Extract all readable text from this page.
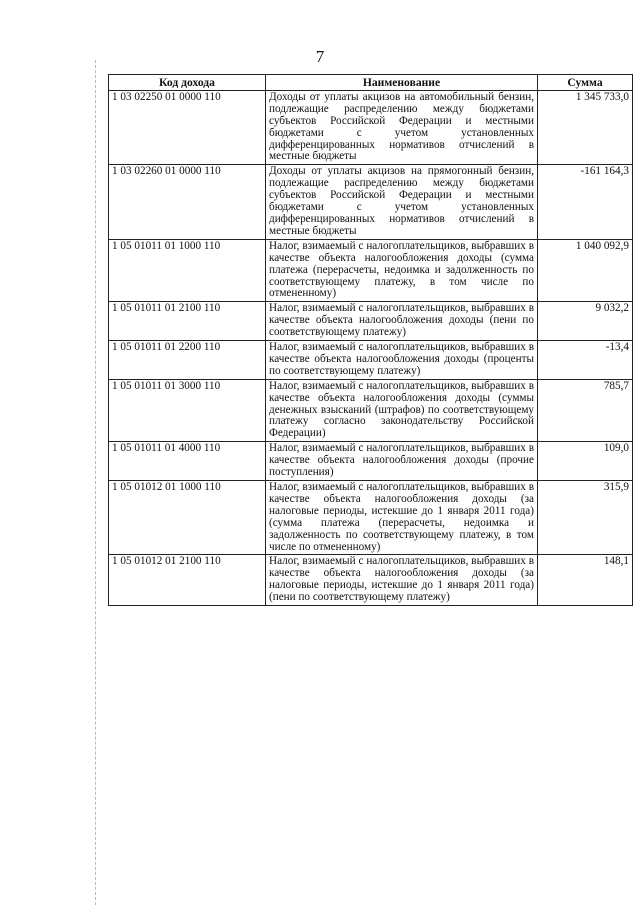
7
Код дохода	Наименование	Сумма
1 03 02250 01 0000 110	Доходы от уплаты акцизов на автомобильный бензин, подлежащие распределению между бюджетами субъектов Российской Федерации и местными бюджетами с учетом установленных дифференцированных нормативов отчислений в местные бюджеты	1 345 733,0
1 03 02260 01 0000 110	Доходы от уплаты акцизов на прямогонный бензин, подлежащие распределению между бюджетами субъектов Российской Федерации и местными бюджетами с учетом установленных дифференцированных нормативов отчислений в местные бюджеты	-161 164,3
1 05 01011 01 1000 110	Налог, взимаемый с налогоплательщиков, выбравших в качестве объекта налогообложения доходы (сумма платежа (перерасчеты, недоимка и задолженность по соответствующему платежу, в том числе по отмененному)	1 040 092,9
1 05 01011 01 2100 110	Налог, взимаемый с налогоплательщиков, выбравших в качестве объекта налогообложения доходы (пени по соответствующему платежу)	9 032,2
1 05 01011 01 2200 110	Налог, взимаемый с налогоплательщиков, выбравших в качестве объекта налогообложения доходы (проценты по соответствующему платежу)	-13,4
1 05 01011 01 3000 110	Налог, взимаемый с налогоплательщиков, выбравших в качестве объекта налогообложения доходы (суммы денежных взысканий (штрафов) по соответствующему платежу согласно законодательству Российской Федерации)	785,7
1 05 01011 01 4000 110	Налог, взимаемый с налогоплательщиков, выбравших в качестве объекта налогообложения доходы (прочие поступления)	109,0
1 05 01012 01 1000 110	Налог, взимаемый с налогоплательщиков, выбравших в качестве объекта налогообложения доходы (за налоговые периоды, истекшие до 1 января 2011 года) (сумма платежа (перерасчеты, недоимка и задолженность по соответствующему платежу, в том числе по отмененному)	315,9
1 05 01012 01 2100 110	Налог, взимаемый с налогоплательщиков, выбравших в качестве объекта налогообложения доходы (за налоговые периоды, истекшие до 1 января 2011 года) (пени по соответствующему платежу)	148,1
